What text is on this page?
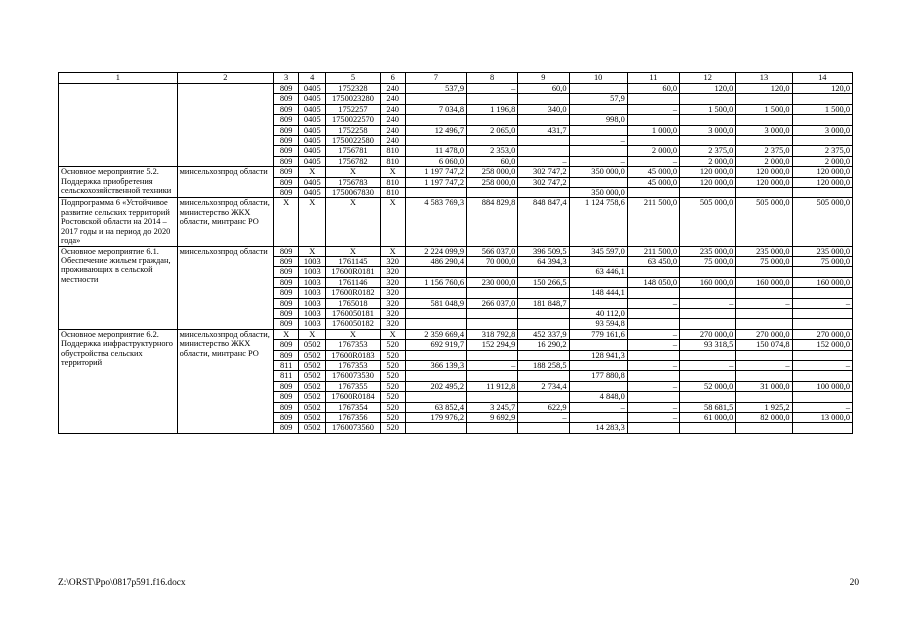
1	2	3	4	5	6	7	8	9	10	11	12	13	14
		809	0405	1752328	240	537,9	–	60,0		60,0	120,0	120,0	120,0
		809	0405	1750023280	240				57,9				
		809	0405	1752257	240	7 034,8	1 196,8	340,0		–	1 500,0	1 500,0	1 500,0
		809	0405	1750022570	240				998,0				
		809	0405	1752258	240	12 496,7	2 065,0	431,7		1 000,0	3 000,0	3 000,0	3 000,0
		809	0405	1750022580	240				–				
		809	0405	1756781	810	11 478,0	2 353,0			2 000,0	2 375,0	2 375,0	2 375,0
		809	0405	1756782	810	6 060,0	60,0	–	–	–	2 000,0	2 000,0	2 000,0
Основное мероприятие 5.2. Поддержка приобретения сельскохозяйственной техники	минсельхозпрод области	809	X	X	X	1 197 747,2	258 000,0	302 747,2	350 000,0	45 000,0	120 000,0	120 000,0	120 000,0
		809	0405	1756783	810	1 197 747,2	258 000,0	302 747,2		45 000,0	120 000,0	120 000,0	120 000,0
		809	0405	1750067830	810				350 000,0				
Подпрограмма 6 «Устойчивое развитие сельских территорий Ростовской области на 2014 – 2017 годы и на период до 2020 года»	минсельхозпрод области, министерство ЖКХ области, минтранс РО	X	X	X	X	4 583 769,3	884 829,8	848 847,4	1 124 758,6	211 500,0	505 000,0	505 000,0	505 000,0
Основное мероприятие 6.1. Обеспечение жильем граждан, проживающих в сельской местности	минсельхозпрод области	809	X	X	X	2 224 099,9	566 037,0	396 509,5	345 597,0	211 500,0	235 000,0	235 000,0	235 000,0
		809	1003	1761145	320	486 290,4	70 000,0	64 394,3		63 450,0	75 000,0	75 000,0	75 000,0
		809	1003	17600R0181	320				63 446,1				
		809	1003	1761146	320	1 156 760,6	230 000,0	150 266,5		148 050,0	160 000,0	160 000,0	160 000,0
		809	1003	17600R0182	320				148 444,1				
		809	1003	1765018	320	581 048,9	266 037,0	181 848,7		–	–	–	–
		809	1003	1760050181	320				40 112,0				
		809	1003	1760050182	320				93 594,8				
Основное мероприятие 6.2. Поддержка инфраструктурного обустройства сельских территорий	минсельхозпрод области, министерство ЖКХ области, минтранс РО	X	X	X	X	2 359 669,4	318 792,8	452 337,9	779 161,6	–	270 000,0	270 000,0	270 000,0
		809	0502	1767353	520	692 919,7	152 294,9	16 290,2		–	93 318,5	150 074,8	152 000,0
		809	0502	17600R0183	520				128 941,3				
		811	0502	1767353	520	366 139,3	–	188 258,5		–	–	–	–
		811	0502	1760073530	520				177 880,8				
		809	0502	1767355	520	202 495,2	11 912,8	2 734,4		–	52 000,0	31 000,0	100 000,0
		809	0502	17600R0184	520				4 848,0				
		809	0502	1767354	520	63 852,4	3 245,7	622,9	–	–	58 681,5	1 925,2	–
		809	0502	1767356	520	179 976,2	9 692,9	–		–	61 000,0	82 000,0	13 000,0
		809	0502	1760073560	520				14 283,3				
Z:\ORST\Ppo\0817p591.f16.docx	20
